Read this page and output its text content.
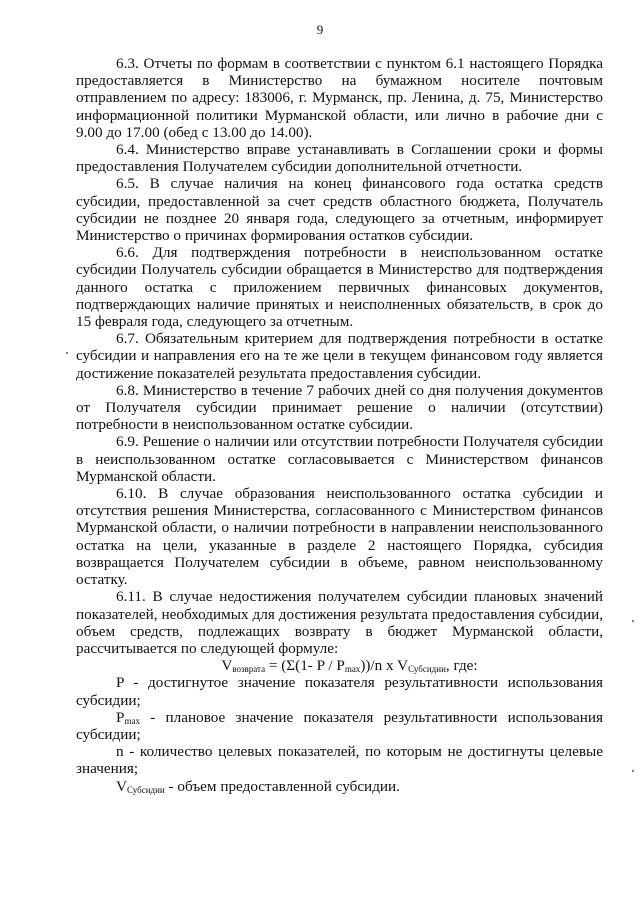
9

6.3. Отчеты по формам в соответствии с пунктом 6.1 настоящего Порядка предоставляется в Министерство на бумажном носителе почтовым отправлением по адресу: 183006, г. Мурманск, пр. Ленина, д. 75, Министерство информационной политики Мурманской области, или лично в рабочие дни с 9.00 до 17.00 (обед с 13.00 до 14.00).

6.4. Министерство вправе устанавливать в Соглашении сроки и формы предоставления Получателем субсидии дополнительной отчетности.

6.5. В случае наличия на конец финансового года остатка средств субсидии, предоставленной за счет средств областного бюджета, Получатель субсидии не позднее 20 января года, следующего за отчетным, информирует Министерство о причинах формирования остатков субсидии.

6.6. Для подтверждения потребности в неиспользованном остатке субсидии Получатель субсидии обращается в Министерство для подтверждения данного остатка с приложением первичных финансовых документов, подтверждающих наличие принятых и неисполненных обязательств, в срок до 15 февраля года, следующего за отчетным.

6.7. Обязательным критерием для подтверждения потребности в остатке субсидии и направления его на те же цели в текущем финансовом году является достижение показателей результата предоставления субсидии.

6.8. Министерство в течение 7 рабочих дней со дня получения документов от Получателя субсидии принимает решение о наличии (отсутствии) потребности в неиспользованном остатке субсидии.

6.9. Решение о наличии или отсутствии потребности Получателя субсидии в неиспользованном остатке согласовывается с Министерством финансов Мурманской области.

6.10. В случае образования неиспользованного остатка субсидии и отсутствия решения Министерства, согласованного с Министерством финансов Мурманской области, о наличии потребности в направлении неиспользованного остатка на цели, указанные в разделе 2 настоящего Порядка, субсидия возвращается Получателем субсидии в объеме, равном неиспользованному остатку.

6.11. В случае недостижения получателем субсидии плановых значений показателей, необходимых для достижения результата предоставления субсидии, объем средств, подлежащих возврату в бюджет Мурманской области, рассчитывается по следующей формуле:

$V_{возврата} = (\Sigma(1-$ P / $P_{max}))/n$ x $V_{Субсидии}$, где:

P - достигнутое значение показателя результативности использования субсидии;

$P_{max}$ - плановое значение показателя результативности использования субсидии;

n - количество целевых показателей, по которым не достигнуты целевые значения;

$V_{Субсидии}$ - объем предоставленной субсидии.
